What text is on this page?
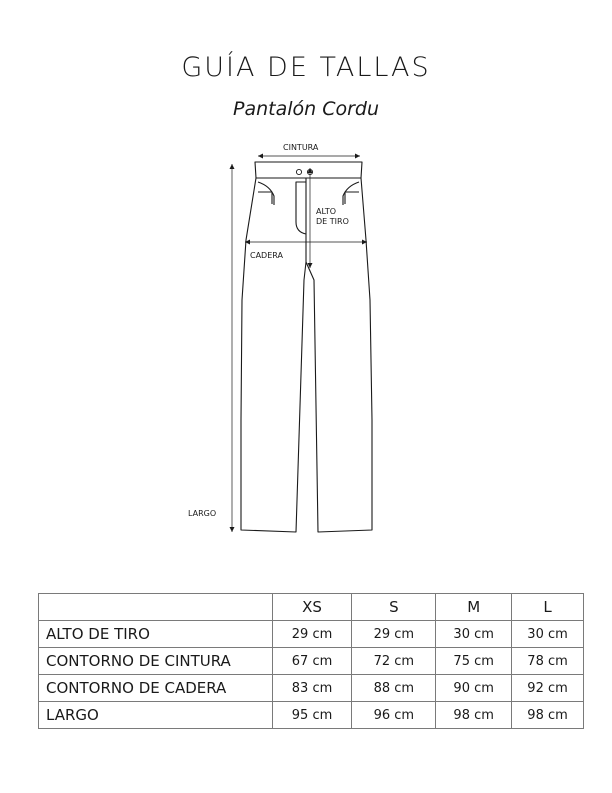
GUÍA DE TALLAS
Pantalón Cordu
CINTURA
ALTO
DE TIRO
CADERA
LARGO
	XS	S	M	L
ALTO DE TIRO	29 cm	29 cm	30 cm	30 cm
CONTORNO DE CINTURA	67 cm	72 cm	75 cm	78 cm
CONTORNO DE CADERA	83 cm	88 cm	90 cm	92 cm
LARGO	95 cm	96 cm	98 cm	98 cm
